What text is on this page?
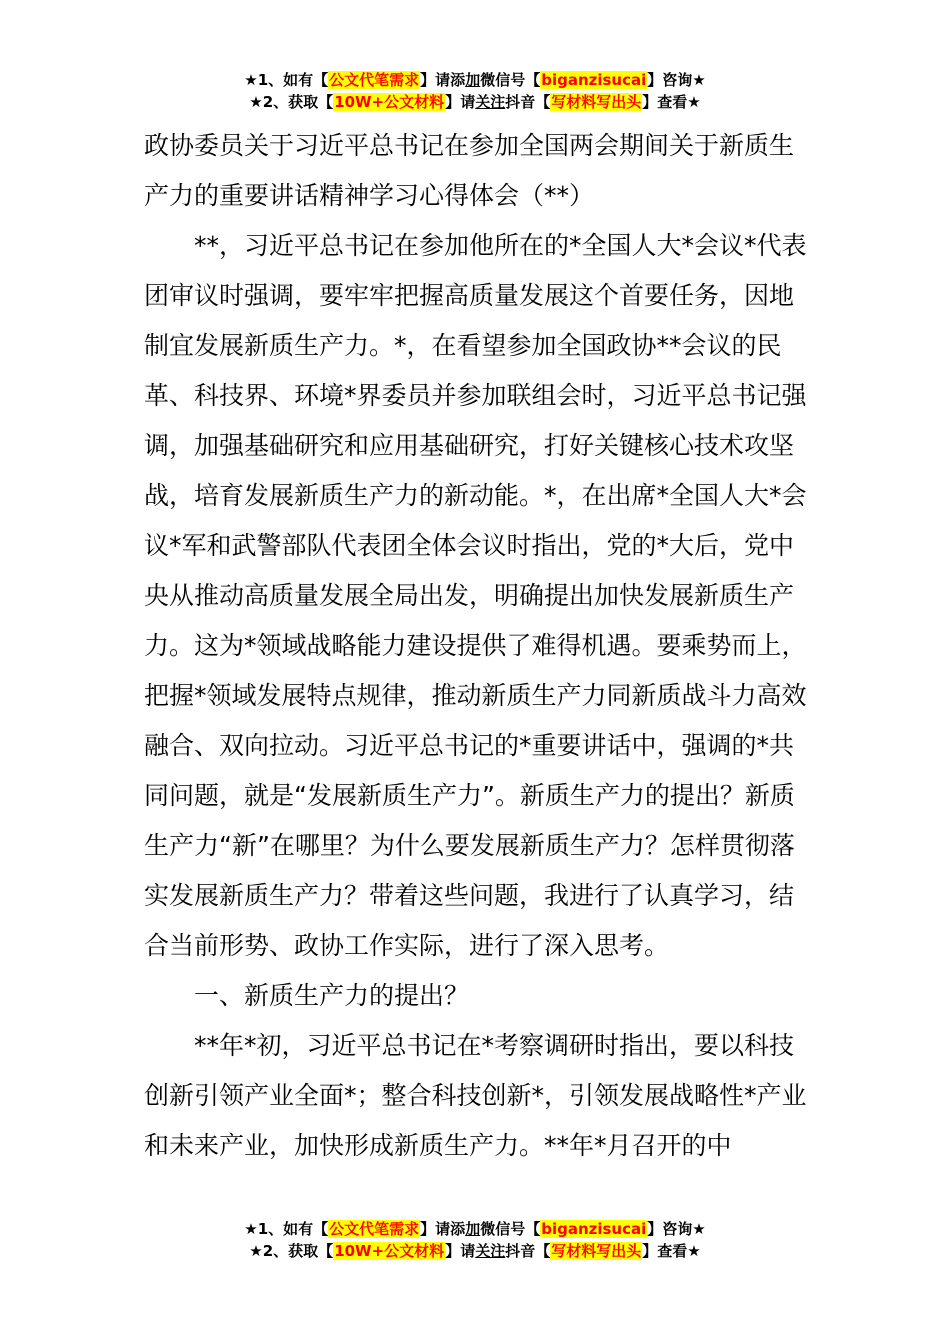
★1、如有【公文代笔需求】请添加微信号【biganzisucai】咨询★
★2、获取【10W+公文材料】请关注抖音【写材料写出头】查看★

政协委员关于习近平总书记在参加全国两会期间关于新质生产力的重要讲话精神学习心得体会（**）

**，习近平总书记在参加他所在的*全国人大*会议*代表团审议时强调，要牢牢把握高质量发展这个首要任务，因地制宜发展新质生产力。*，在看望参加全国政协**会议的民革、科技界、环境*界委员并参加联组会时，习近平总书记强调，加强基础研究和应用基础研究，打好关键核心技术攻坚战，培育发展新质生产力的新动能。*，在出席*全国人大*会议*军和武警部队代表团全体会议时指出，党的*大后，党中央从推动高质量发展全局出发，明确提出加快发展新质生产力。这为*领域战略能力建设提供了难得机遇。要乘势而上，把握*领域发展特点规律，推动新质生产力同新质战斗力高效融合、双向拉动。习近平总书记的*重要讲话中，强调的*共同问题，就是“发展新质生产力”。新质生产力的提出？新质生产力“新”在哪里？为什么要发展新质生产力？怎样贯彻落实发展新质生产力？带着这些问题，我进行了认真学习，结合当前形势、政协工作实际，进行了深入思考。

一、新质生产力的提出？

**年*初，习近平总书记在*考察调研时指出，要以科技创新引领产业全面*；整合科技创新*，引领发展战略性*产业和未来产业，加快形成新质生产力。**年*月召开的中

★1、如有【公文代笔需求】请添加微信号【biganzisucai】咨询★
★2、获取【10W+公文材料】请关注抖音【写材料写出头】查看★
